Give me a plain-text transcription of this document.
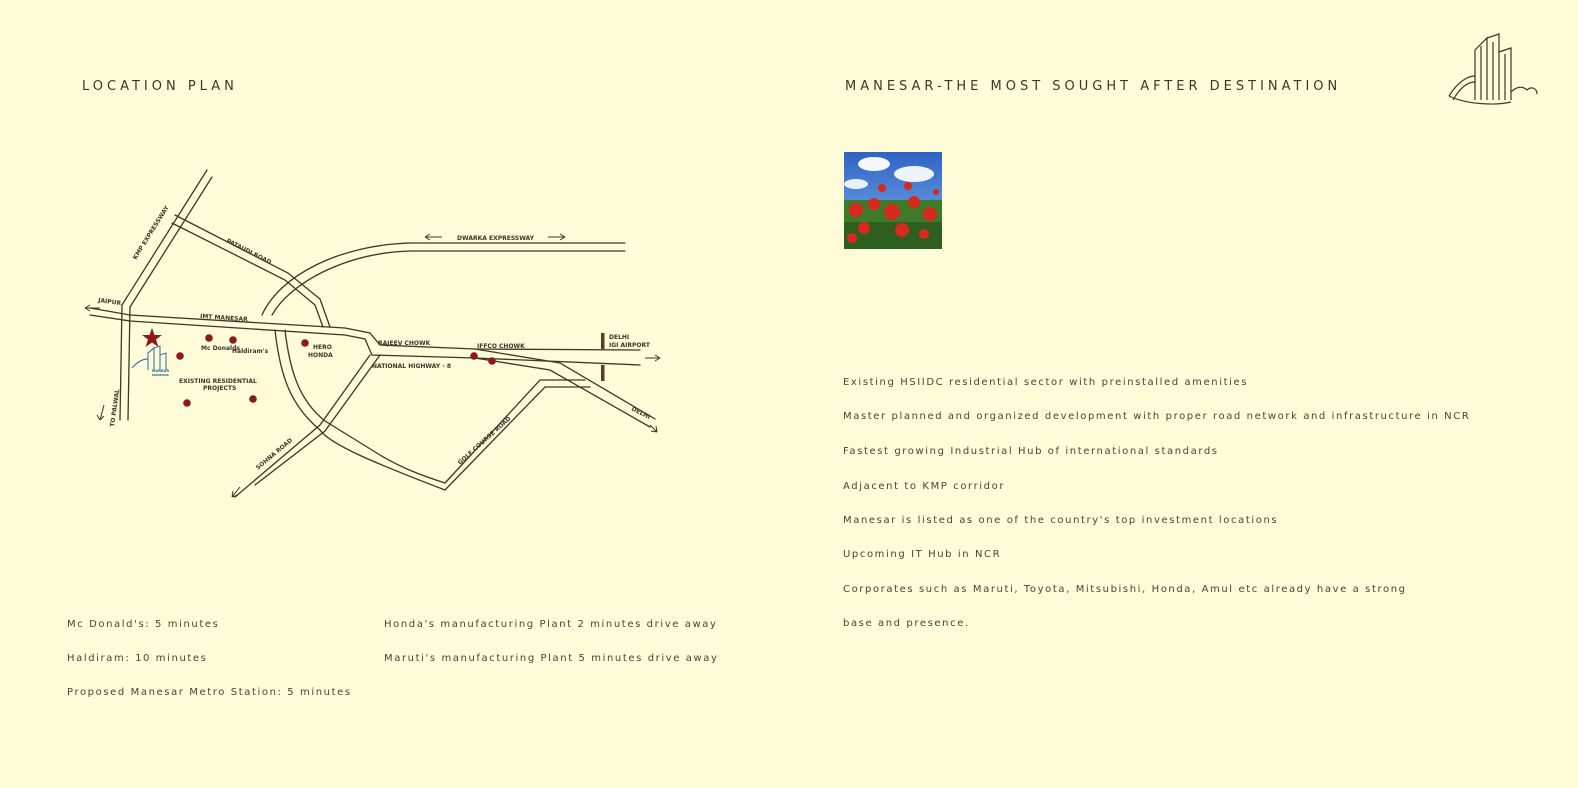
LOCATION PLAN	MANESAR-THE MOST SOUGHT AFTER DESTINATION
KMP EXPRESSWAY	PATAUDI ROAD	DWARKA EXPRESSWAY
JAIPUR
IMT MANESAR
TO PALWAL
RAJEEV CHOWK	IFFCO CHOWK
NATIONAL HIGHWAY - 8
DELHI
IGI AIRPORT
DELHI
SOHNA ROAD	GOLF COURSE ROAD
Mc Donalds
Haldiram's
HERO
HONDA
EXISTING RESIDENTIAL
PROJECTS
MARKUR
MANESAR
Mc Donald's: 5 minutes
Haldiram: 10 minutes
Proposed Manesar Metro Station: 5 minutes
Honda's manufacturing Plant 2 minutes drive away
Maruti's manufacturing Plant 5 minutes drive away
Existing HSIIDC residential sector with preinstalled amenities
Master planned and organized development with proper road network and infrastructure in NCR
Fastest growing Industrial Hub of international standards
Adjacent to KMP corridor
Manesar is listed as one of the country's top investment locations
Upcoming IT Hub in NCR
Corporates such as Maruti, Toyota, Mitsubishi, Honda, Amul etc already have a strong
base and presence.
